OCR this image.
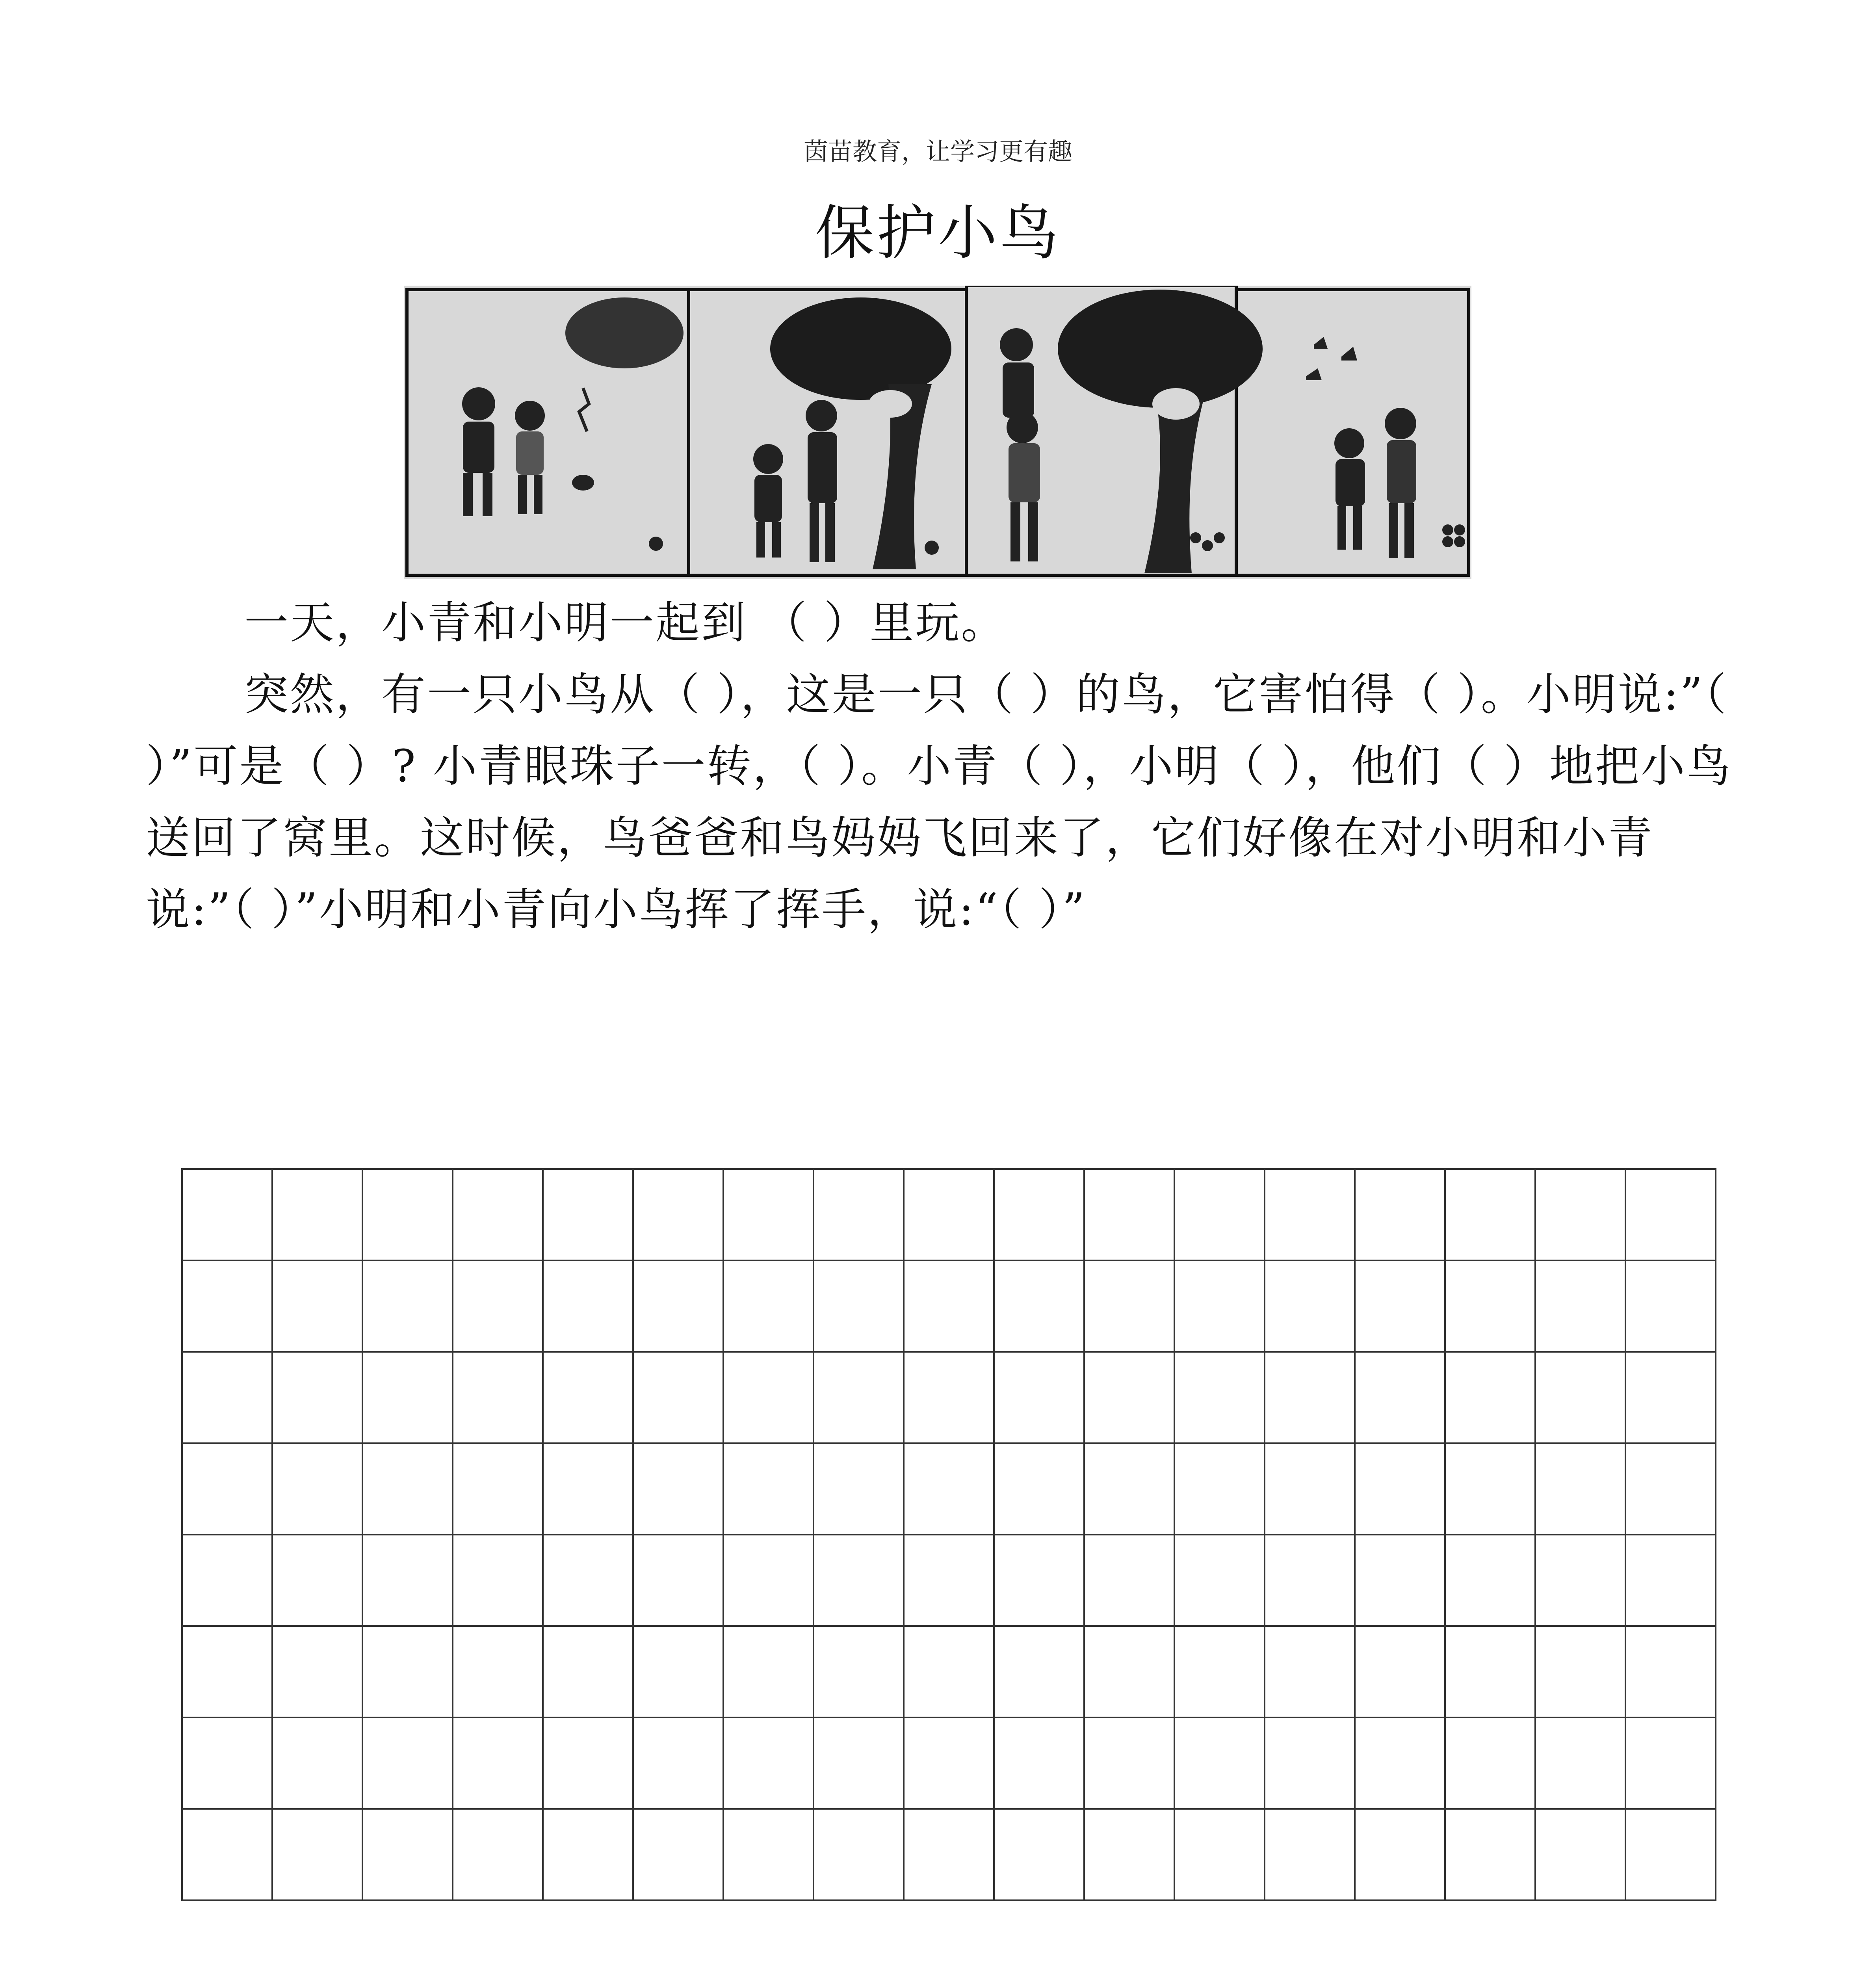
茵苗教育，让学习更有趣
保护小鸟

一天，小青和小明一起到 （ ）里玩。

突然，有一只小鸟从（ ），这是一只（ ）的鸟，它害怕得（ ）。小明说:”（ ）”可是（ ）? 小青眼珠子一转，（ ）。小青（ ），小明（ ），他们（ ）地把小鸟送回了窝里。这时候，鸟爸爸和鸟妈妈飞回来了，它们好像在对小明和小青说:”（ ）”小明和小青向小鸟挥了挥手，说:“（ ）”
